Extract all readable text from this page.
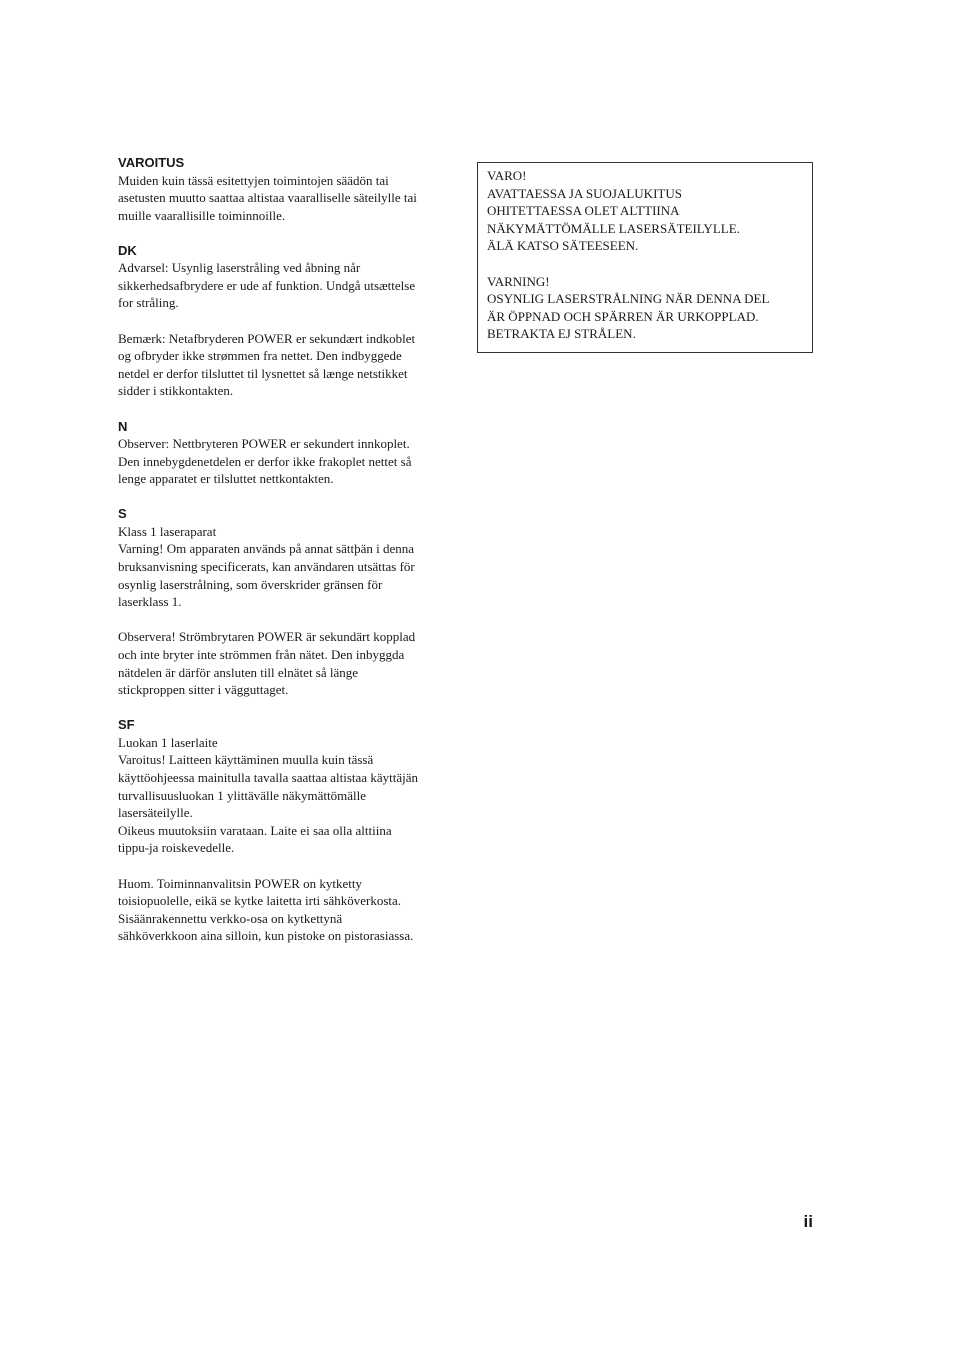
VAROITUS

Muiden kuin tässä esitettyjen toimintojen säädön tai
asetusten muutto saattaa altistaa vaaralliselle säteilylle tai
muille vaarallisille toiminnoille.

DK

Advarsel: Usynlig laserstråling ved åbning når
sikkerhedsafbrydere er ude af funktion. Undgå utsættelse
for stråling.

Bemærk: Netafbryderen POWER er sekundært indkoblet
og ofbryder ikke strømmen fra nettet. Den indbyggede
netdel er derfor tilsluttet til lysnettet så længe netstikket
sidder i stikkontakten.

N

Observer: Nettbryteren POWER er sekundert innkoplet.
Den innebygdenetdelen er derfor ikke frakoplet nettet så
lenge apparatet er tilsluttet nettkontakten.

S

Klass 1 laseraparat
Varning! Om apparaten används på annat sättþän i denna
bruksanvisning specificerats, kan användaren utsättas för
osynlig laserstrålning, som överskrider gränsen för
laserklass 1.

Observera! Strömbrytaren POWER är sekundärt kopplad
och inte bryter inte strömmen från nätet. Den inbyggda
nätdelen är därför ansluten till elnätet så länge
stickproppen sitter i vägguttaget.

SF

Luokan 1 laserlaite
Varoitus! Laitteen käyttäminen muulla kuin tässä
käyttöohjeessa mainitulla tavalla saattaa altistaa käyttäjän
turvallisuusluokan 1 ylittävälle näkymättömälle
lasersäteilylle.
Oikeus muutoksiin varataan. Laite ei saa olla alttiina
tippu-ja roiskevedelle.

Huom. Toiminnanvalitsin POWER on kytketty
toisiopuolelle, eikä se kytke laitetta irti sähköverkosta.
Sisäänrakennettu verkko-osa on kytkettynä
sähköverkkoon aina silloin, kun pistoke on pistorasiassa.

VARO!
AVATTAESSA JA SUOJALUKITUS
OHITETTAESSA OLET ALTTIINA
NÄKYMÄTTÖMÄLLE LASERSÄTEILYLLE.
ÄLÄ KATSO SÄTEESEEN.

VARNING!
OSYNLIG LASERSTRÅLNING NÄR DENNA DEL
ÄR ÖPPNAD OCH SPÄRREN ÄR URKOPPLAD.
BETRAKTA EJ STRÅLEN.

ii
